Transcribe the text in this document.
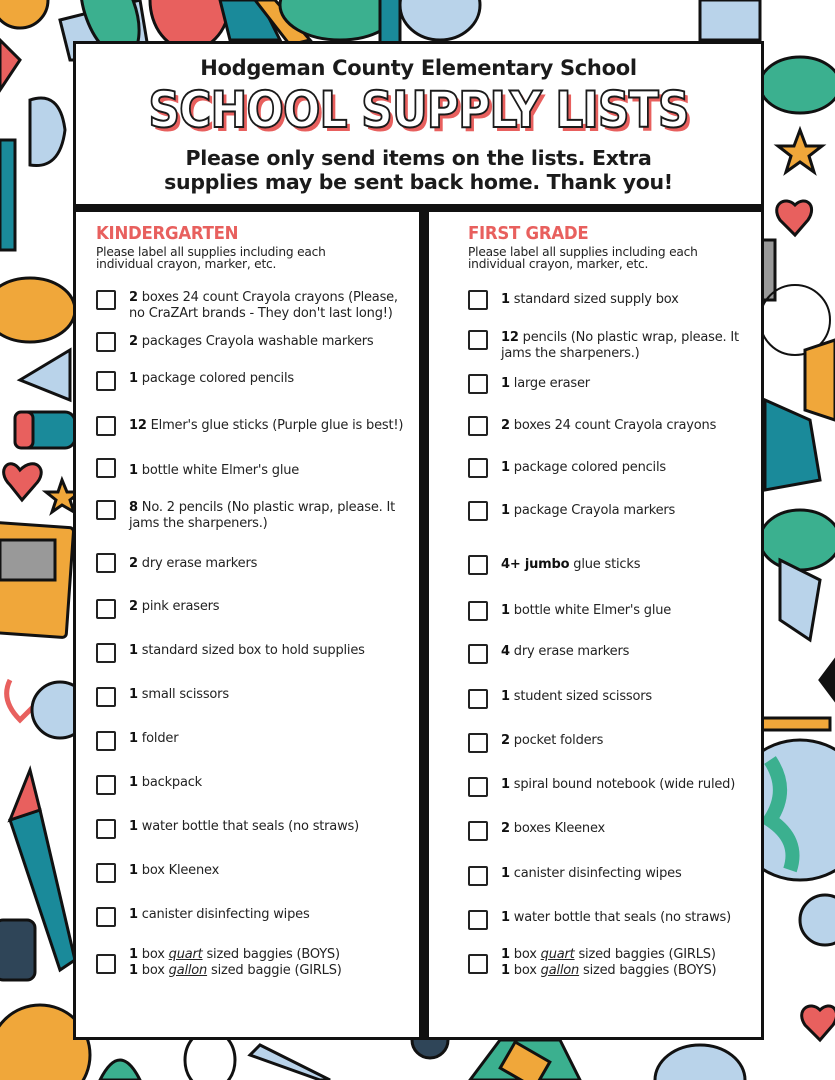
Hodgeman County Elementary School
SCHOOL SUPPLY LISTS
Please only send items on the lists. Extra
supplies may be sent back home. Thank you!
KINDERGARTEN
Please label all supplies including each
individual crayon, marker, etc.
2 boxes 24 count Crayola crayons (Please,
no CraZArt brands - They don't last long!)
2 packages Crayola washable markers
1 package colored pencils
12 Elmer's glue sticks (Purple glue is best!)
1 bottle white Elmer's glue
8 No. 2 pencils (No plastic wrap, please. It
jams the sharpeners.)
2 dry erase markers
2 pink erasers
1 standard sized box to hold supplies
1 small scissors
1 folder
1 backpack
1 water bottle that seals (no straws)
1 box Kleenex
1 canister disinfecting wipes
1 box quart sized baggies (BOYS)
1 box gallon sized baggie (GIRLS)
FIRST GRADE
Please label all supplies including each
individual crayon, marker, etc.
1 standard sized supply box
12 pencils (No plastic wrap, please. It
jams the sharpeners.)
1 large eraser
2 boxes 24 count Crayola crayons
1 package colored pencils
1 package Crayola markers
4+ jumbo glue sticks
1 bottle white Elmer's glue
4 dry erase markers
1 student sized scissors
2 pocket folders
1 spiral bound notebook (wide ruled)
2 boxes Kleenex
1 canister disinfecting wipes
1 water bottle that seals (no straws)
1 box quart sized baggies (GIRLS)
1 box gallon sized baggies (BOYS)
